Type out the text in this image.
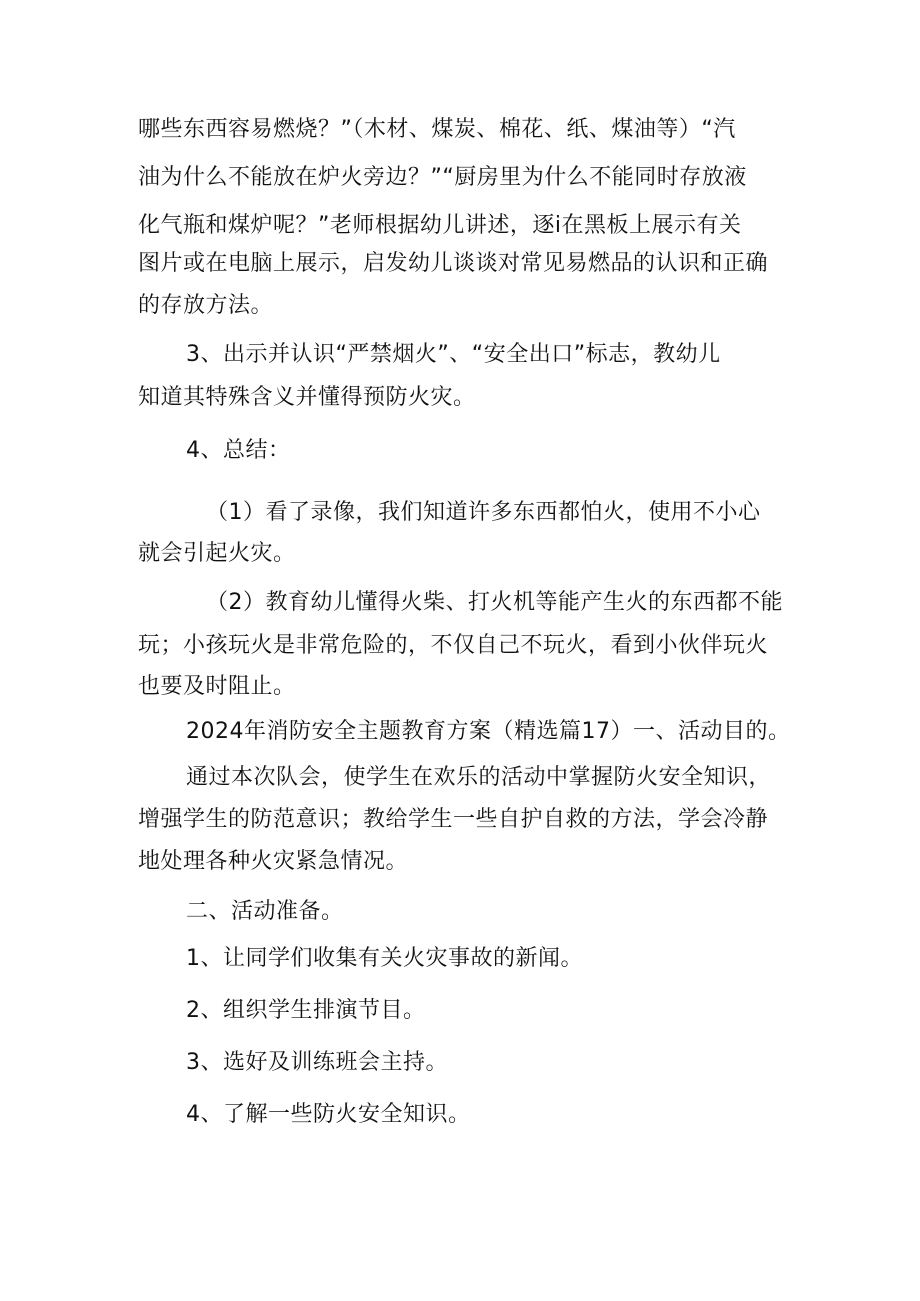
哪些东西容易燃烧？”（木材、煤炭、棉花、纸、煤油等）“汽
油为什么不能放在炉火旁边？”“厨房里为什么不能同时存放液
化气瓶和煤炉呢？”老师根据幼儿讲述，逐i在黑板上展示有关
图片或在电脑上展示，启发幼儿谈谈对常见易燃品的认识和正确
的存放方法。
3、出示并认识“严禁烟火”、“安全出口”标志，教幼儿
知道其特殊含义并懂得预防火灾。
4、总结：
（1）看了录像，我们知道许多东西都怕火，使用不小心
就会引起火灾。
（2）教育幼儿懂得火柴、打火机等能产生火的东西都不能
玩；小孩玩火是非常危险的，不仅自己不玩火，看到小伙伴玩火
也要及时阻止。
2024年消防安全主题教育方案（精选篇17）一、活动目的。
通过本次队会，使学生在欢乐的活动中掌握防火安全知识，
增强学生的防范意识；教给学生一些自护自救的方法，学会冷静
地处理各种火灾紧急情况。
二、活动准备。
1、让同学们收集有关火灾事故的新闻。
2、组织学生排演节目。
3、选好及训练班会主持。
4、了解一些防火安全知识。
